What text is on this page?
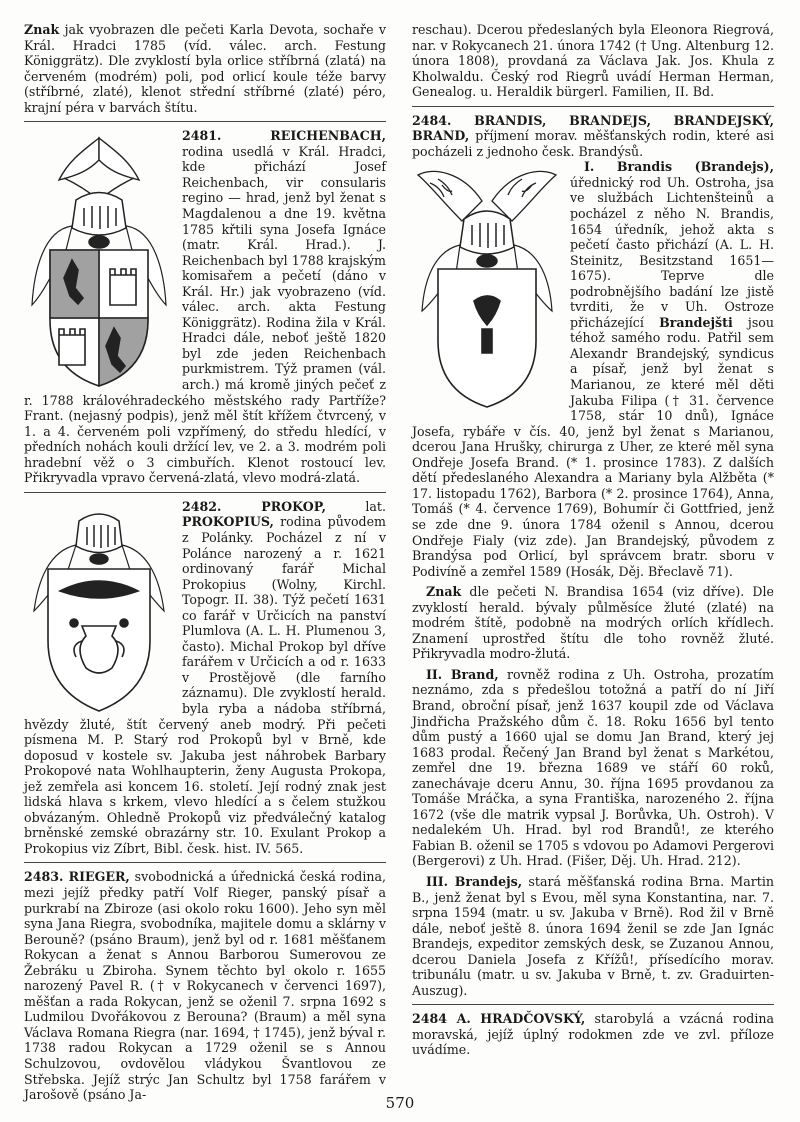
Znak jak vyobrazen dle pečeti Karla Devota, sochaře v Král. Hradci 1785 (víd. válec. arch. Festung Königgrätz). Dle zvyklostí byla orlice stříbrná (zlatá) na červeném (modrém) poli, pod orlicí koule téže barvy (stříbrné, zlaté), klenot střední stříbrné (zlaté) péro, krajní péra v barvách štítu.

2481. REICHENBACH, rodina usedlá v Král. Hradci, kde přichází Josef Reichenbach, vir consularis regino — hrad, jenž byl ženat s Magdalenou a dne 19. května 1785 křtili syna Josefa Ignáce (matr. Král. Hrad.). J. Reichenbach byl 1788 krajským komisařem a pečetí (dáno v Král. Hr.) jak vyobrazeno (víd. válec. arch. akta Festung Königgrätz). Rodina žila v Král. Hradci dále, neboť ještě 1820 byl zde jeden Reichenbach purkmistrem. Týž pramen (vál. arch.) má kromě jiných pečeť z r. 1788 královéhradeckého městského rady Partříže? Frant. (nejasný podpis), jenž měl štít křížem čtvrcený, v 1. a 4. červeném poli vzpřímený, do středu hledící, v předních nohách kouli držící lev, ve 2. a 3. modrém poli hradební věž o 3 cimbuřích. Klenot rostoucí lev. Přikryvadla vpravo červená-zlatá, vlevo modrá-zlatá.

2482. PROKOP, lat. PROKOPIUS, rodina původem z Polánky. Pocházel z ní v Polánce narozený a r. 1621 ordinovaný farář Michal Prokopius (Wolny, Kirchl. Topogr. II. 38). Týž pečetí 1631 co farář v Určicích na panství Plumlova (A. L. H. Plumenou 3, často). Michal Prokop byl dříve farářem v Určicích a od r. 1633 v Prostějově (dle farního záznamu). Dle zvyklostí herald. byla ryba a nádoba stříbrná, hvězdy žluté, štít červený aneb modrý. Při pečeti písmena M. P. Starý rod Prokopů byl v Brně, kde doposud v kostele sv. Jakuba jest náhrobek Barbary Prokopové nata Wohlhaupterin, ženy Augusta Prokopa, jež zemřela asi koncem 16. století. Její rodný znak jest lidská hlava s krkem, vlevo hledící a s čelem stužkou obvázaným. Ohledně Prokopů viz předválečný katalog brněnské zemské obrazárny str. 10. Exulant Prokop a Prokopius viz Zíbrt, Bibl. česk. hist. IV. 565.

2483. RIEGER, svobodnická a úřednická česká rodina, mezi jejíž předky patří Volf Rieger, panský písař a purkrabí na Zbiroze (asi okolo roku 1600). Jeho syn měl syna Jana Riegra, svobodníka, majitele domu a sklárny v Berouně? (psáno Braum), jenž byl od r. 1681 měšťanem Rokycan a ženat s Annou Barborou Sumerovou ze Žebráku u Zbiroha. Synem těchto byl okolo r. 1655 narozený Pavel R. († v Rokycanech v červenci 1697), měšťan a rada Rokycan, jenž se oženil 7. srpna 1692 s Ludmilou Dvořákovou z Berouna? (Braum) a měl syna Václava Romana Riegra (nar. 1694, † 1745), jenž býval r. 1738 radou Rokycan a 1729 oženil se s Annou Schulzovou, ovdovělou vládykou Švantlovou ze Střebska. Jejíž strýc Jan Schultz byl 1758 farářem v Jarošově (psáno Ja-

reschau). Dcerou předeslaných byla Eleonora Riegrová, nar. v Rokycanech 21. února 1742 († Ung. Altenburg 12. února 1808), provdaná za Václava Jak. Jos. Khula z Kholwaldu. Český rod Riegrů uvádí Herman Herman, Genealog. u. Heraldik bürgerl. Familien, II. Bd.

2484. BRANDIS, BRANDEJS, BRANDEJSKÝ, BRAND, příjmení morav. měšťanských rodin, které asi pocházeli z jednoho česk. Brandýsů.

I. Brandis (Brandejs), úřednický rod Uh. Ostroha, jsa ve službách Lichtenšteinů a pocházel z něho N. Brandis, 1654 úředník, jehož akta s pečetí často přichází (A. L. H. Steinitz, Besitzstand 1651—1675). Teprve dle podrobnějšího badání lze jistě tvrditi, že v Uh. Ostroze přicházející Brandejšti jsou téhož samého rodu. Patřil sem Alexandr Brandejský, syndicus a písař, jenž byl ženat s Marianou, ze které měl děti Jakuba Filipa († 31. července 1758, stár 10 dnů), Ignáce Josefa, rybáře v čís. 40, jenž byl ženat s Marianou, dcerou Jana Hrušky, chirurga z Uher, ze které měl syna Ondřeje Josefa Brand. (* 1. prosince 1783). Z dalších dětí předeslaného Alexandra a Mariany byla Alžběta (* 17. listopadu 1762), Barbora (* 2. prosince 1764), Anna, Tomáš (* 4. července 1769), Bohumír či Gottfried, jenž se zde dne 9. února 1784 oženil s Annou, dcerou Ondřeje Fialy (viz zde). Jan Brandejský, původem z Brandýsa pod Orlicí, byl správcem bratr. sboru v Podivíně a zemřel 1589 (Hosák, Děj. Břeclavě 71).

Znak dle pečeti N. Brandisa 1654 (viz dříve). Dle zvyklostí herald. bývaly půlměsíce žluté (zlaté) na modrém štítě, podobně na modrých orlích křídlech. Znamení uprostřed štítu dle toho rovněž žluté. Přikryvadla modro-žlutá.

II. Brand, rovněž rodina z Uh. Ostroha, prozatím neznámo, zda s předešlou totožná a patří do ní Jiří Brand, obroční písař, jenž 1637 koupil zde od Václava Jindřicha Pražského dům č. 18. Roku 1656 byl tento dům pustý a 1660 ujal se domu Jan Brand, který jej 1683 prodal. Řečený Jan Brand byl ženat s Markétou, zemřel dne 19. března 1689 ve stáří 60 roků, zanechávaje dceru Annu, 30. října 1695 provdanou za Tomáše Mráčka, a syna Františka, narozeného 2. října 1672 (vše dle matrik vypsal J. Borůvka, Uh. Ostroh). V nedalekém Uh. Hrad. byl rod Brandů!, ze kterého Fabian B. oženil se 1705 s vdovou po Adamovi Pergerovi (Bergerovi) z Uh. Hrad. (Fišer, Děj. Uh. Hrad. 212).

III. Brandejs, stará měšťanská rodina Brna. Martin B., jenž ženat byl s Evou, měl syna Konstantina, nar. 7. srpna 1594 (matr. u sv. Jakuba v Brně). Rod žil v Brně dále, neboť ještě 8. února 1694 ženil se zde Jan Ignác Brandejs, expeditor zemských desk, se Zuzanou Annou, dcerou Daniela Josefa z Křížů!, přísedícího morav. tribunálu (matr. u sv. Jakuba v Brně, t. zv. Graduirten-Auszug).

2484 A. HRADČOVSKÝ, starobylá a vzácná rodina moravská, jejíž úplný rodokmen zde ve zvl. příloze uvádíme.

570
